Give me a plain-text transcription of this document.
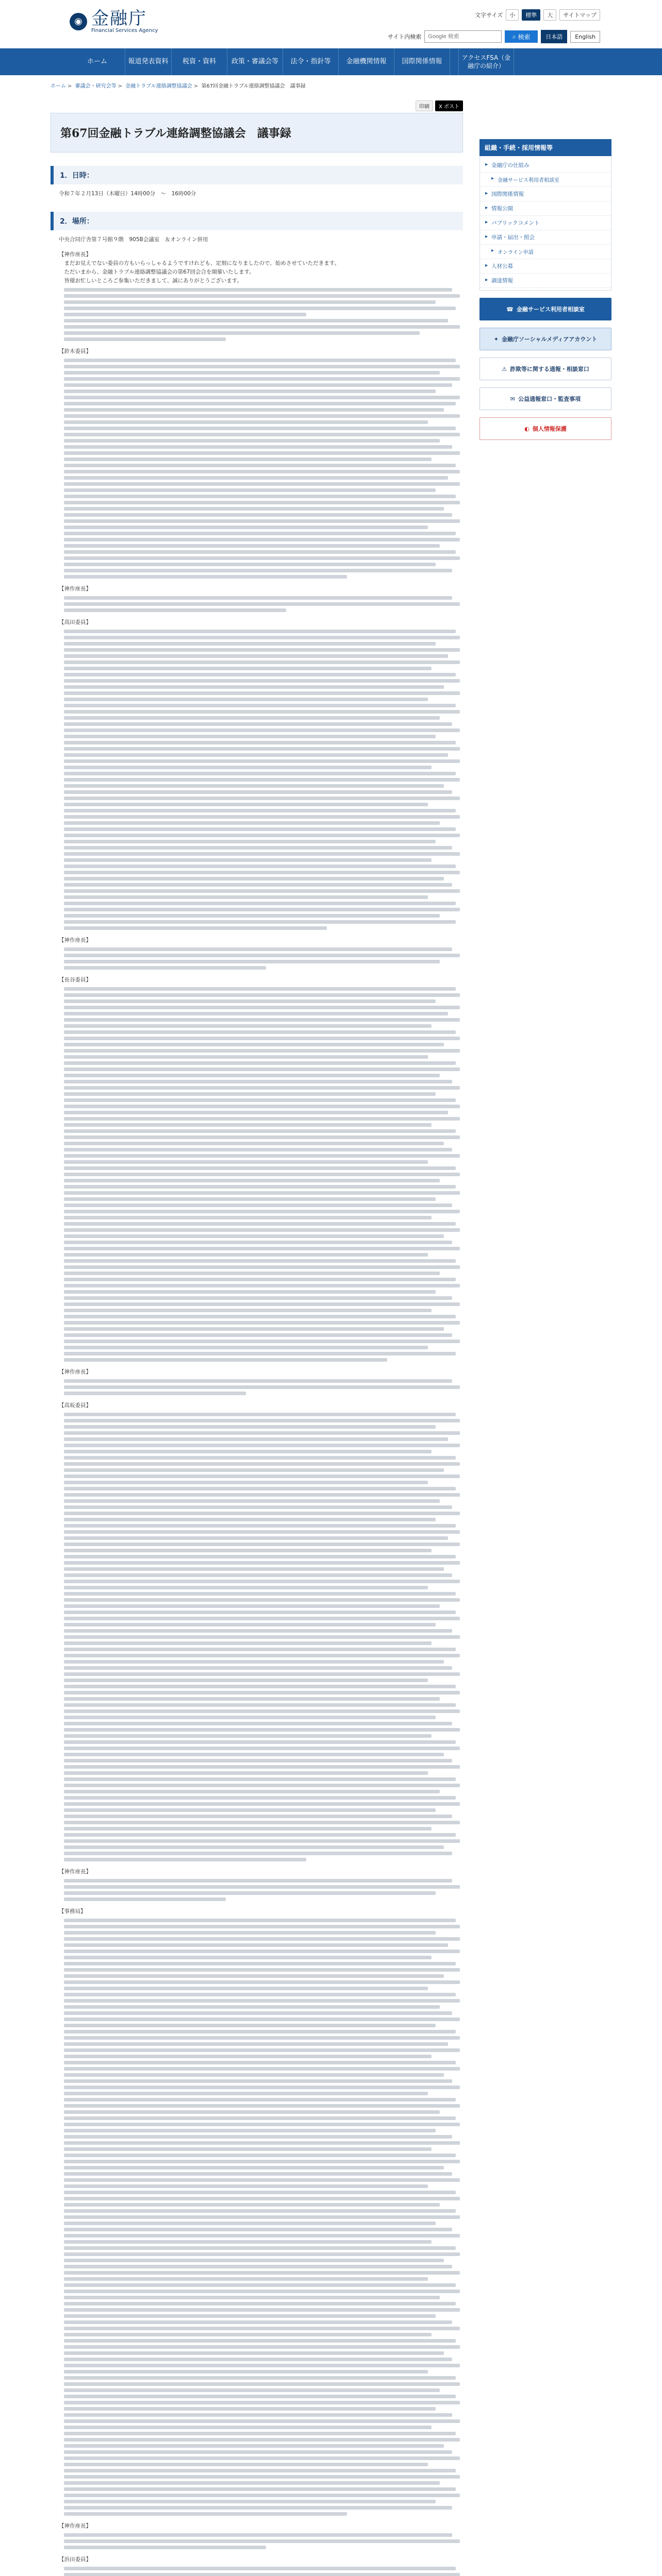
◉ 金融庁
Financial Services Agency
文字サイズ	小	標準	大	サイトマップ
サイト内検索
Google 検索	⌕
検索	日本語	English
ホーム	報道発表資料	税資・資料	政策・審議会等	法令・指針等	金融機関情報	国際関係情報	アクセスFSA（金融庁の紹介）
ホーム > 審議会・研究会等 > 金融トラブル連絡調整協議会 > 第67回金融トラブル連絡調整協議会　議事録
印刷	X ポスト
第67回金融トラブル連絡調整協議会　議事録
1．日時：

令和７年２月13日（木曜日）14時00分　～　16時00分

2．場所：

中央合同庁舎第７号館９階　905B会議室　＆オンライン併用

【神作座長】
まだお見えでない委員の方もいらっしゃるようですけれども、定刻になりましたので、始めさせていただきます。
ただいまから、金融トラブル連絡調整協議会の第67回会合を開催いたします。
皆様お忙しいところご参集いただきまして、誠にありがとうございます。
【鈴木委員】
【神作座長】
【高田委員】
【神作座長】
【長谷委員】
【神作座長】
【高坂委員】
【神作座長】
【事務局】
【神作座長】
【浜田委員】

組織・手続・採用情報等
▸ 金融庁の仕組み
▸ 金融サービス利用者相談室
▸ 国際関係情報
▸ 情報公開
▸ パブリックコメント
▸ 申請・届出・照会
▸ オンライン申請
▸ 人材公募
▸ 調達情報
☎ 金融サービス利用者相談室
✦ 金融庁ソーシャルメディアアカウント
⚠ 詐欺等に関する通報・相談窓口
✉ 公益通報窓口・監査事項
◐ 個人情報保護
